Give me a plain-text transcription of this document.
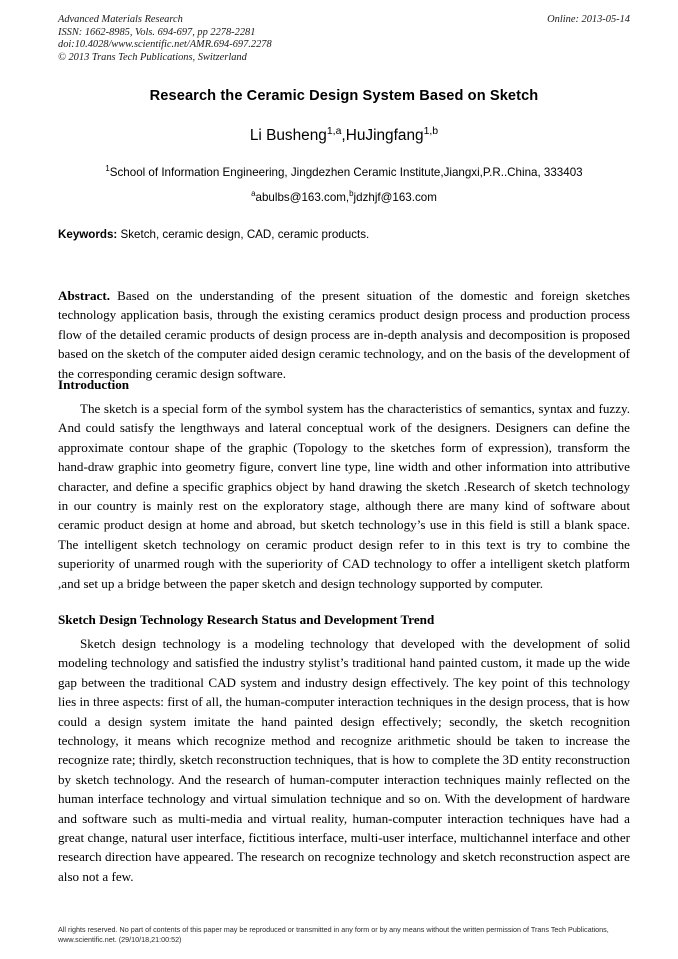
Online: 2013-05-14
Advanced Materials Research
ISSN: 1662-8985, Vols. 694-697, pp 2278-2281
doi:10.4028/www.scientific.net/AMR.694-697.2278
© 2013 Trans Tech Publications, Switzerland
Research the Ceramic Design System Based on Sketch
Li Busheng$^{1,a}$,HuJingfang$^{1,b}$
$^1$School of Information Engineering, Jingdezhen Ceramic Institute,Jiangxi,P.R..China, 333403
$^a$abulbs@163.com,$^b$jdzhjf@163.com
Keywords: Sketch, ceramic design, CAD, ceramic products.
Abstract. Based on the understanding of the present situation of the domestic and foreign sketches technology application basis, through the existing ceramics product design process and production process flow of the detailed ceramic products of design process are in-depth analysis and decomposition is proposed based on the sketch of the computer aided design ceramic technology, and on the basis of the development of the corresponding ceramic design software.
Introduction
The sketch is a special form of the symbol system has the characteristics of semantics, syntax and fuzzy. And could satisfy the lengthways and lateral conceptual work of the designers. Designers can define the approximate contour shape of the graphic (Topology to the sketches form of expression), transform the hand-draw graphic into geometry figure, convert line type, line width and other information into attributive character, and define a specific graphics object by hand drawing the sketch .Research of sketch technology in our country is mainly rest on the exploratory stage, although there are many kind of software about ceramic product design at home and abroad, but sketch technology’s use in this field is still a blank space. The intelligent sketch technology on ceramic product design refer to in this text is try to combine the superiority of unarmed rough with the superiority of CAD technology to offer a intelligent sketch platform ,and set up a bridge between the paper sketch and design technology supported by computer.
Sketch Design Technology Research Status and Development Trend
Sketch design technology is a modeling technology that developed with the development of solid modeling technology and satisfied the industry stylist’s traditional hand painted custom, it made up the wide gap between the traditional CAD system and industry design effectively. The key point of this technology lies in three aspects: first of all, the human-computer interaction techniques in the design process, that is how could a design system imitate the hand painted design effectively; secondly, the sketch recognition technology, it means which recognize method and recognize arithmetic should be taken to increase the recognize rate; thirdly, sketch reconstruction techniques, that is how to complete the 3D entity reconstruction by sketch technology. And the research of human-computer interaction techniques mainly reflected on the human interface technology and virtual simulation technique and so on. With the development of hardware and software such as multi-media and virtual reality, human-computer interaction techniques have had a great change, natural user interface, fictitious interface, multi-user interface, multichannel interface and other research direction have appeared. The research on recognize technology and sketch reconstruction aspect are also not a few.
All rights reserved. No part of contents of this paper may be reproduced or transmitted in any form or by any means without the written permission of Trans Tech Publications, www.scientific.net. (29/10/18,21:00:52)
